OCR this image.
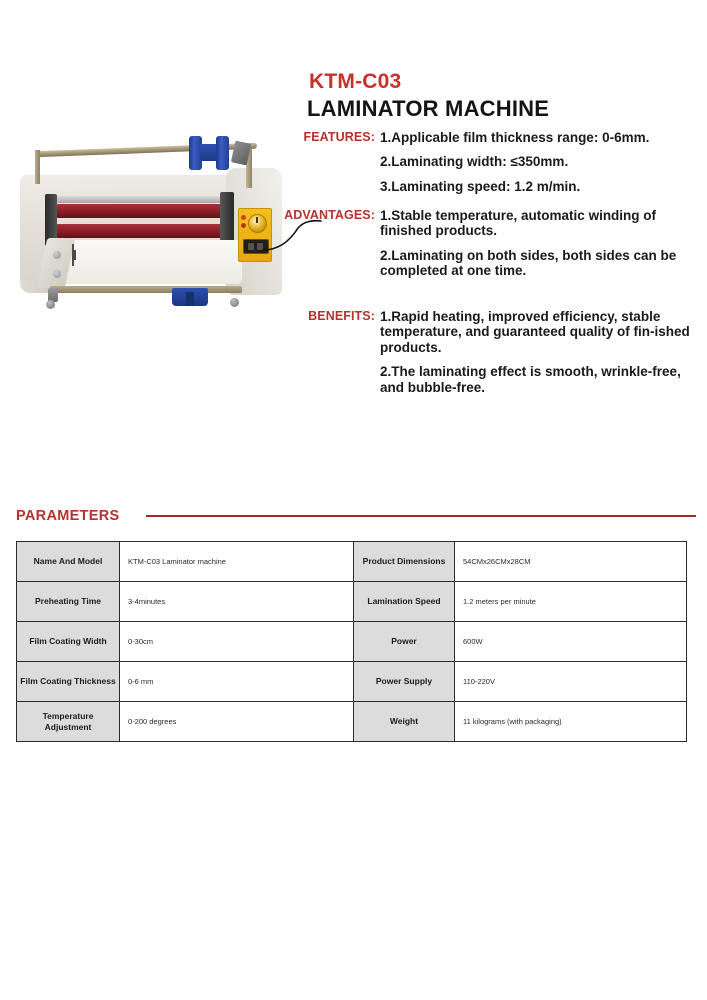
KTM-C03
LAMINATOR MACHINE
FEATURES: 1.Applicable film thickness range: 0-6mm.
2.Laminating width: ≤350mm.
3.Laminating speed: 1.2 m/min.
ADVANTAGES: 1.Stable temperature, automatic winding of finished products.
2.Laminating on both sides, both sides can be completed at one time.
BENEFITS: 1.Rapid heating, improved efficiency, stable temperature, and guaranteed quality of fin-ished products.
2.The laminating effect is smooth, wrinkle-free, and bubble-free.
PARAMETERS
Name And Model	KTM-C03 Laminator machine	Product Dimensions	54CMx26CMx28CM
Preheating Time	3-4minutes	Lamination Speed	1.2 meters per minute
Film Coating Width	0-30cm	Power	600W
Film Coating Thickness	0-6 mm	Power Supply	110-220V
Temperature Adjustment	0-200 degrees	Weight	11 kilograms (with packaging)
